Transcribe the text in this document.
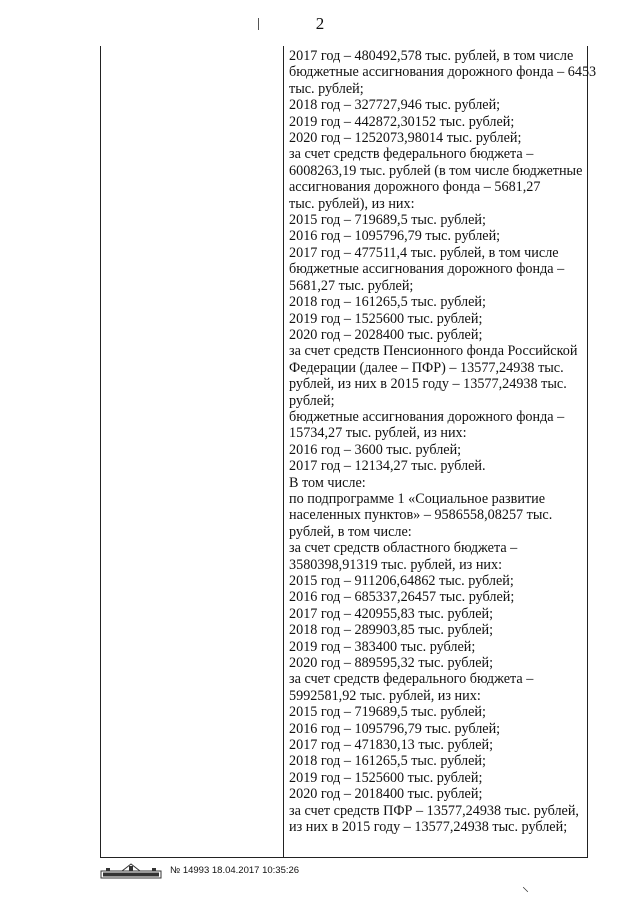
2
2017 год – 480492,578 тыс. рублей, в том числе
бюджетные ассигнования дорожного фонда – 6453
тыс. рублей;
2018 год – 327727,946 тыс. рублей;
2019 год – 442872,30152 тыс. рублей;
2020 год – 1252073,98014 тыс. рублей;
за счет средств федерального бюджета –
6008263,19 тыс. рублей (в том числе бюджетные
ассигнования дорожного фонда – 5681,27
тыс. рублей), из них:
2015 год – 719689,5 тыс. рублей;
2016 год – 1095796,79 тыс. рублей;
2017 год – 477511,4 тыс. рублей, в том числе
бюджетные ассигнования дорожного фонда –
5681,27 тыс. рублей;
2018 год – 161265,5 тыс. рублей;
2019 год – 1525600 тыс. рублей;
2020 год – 2028400 тыс. рублей;
за счет средств Пенсионного фонда Российской
Федерации (далее – ПФР) – 13577,24938 тыс.
рублей, из них в 2015 году – 13577,24938 тыс.
рублей;
бюджетные ассигнования дорожного фонда –
15734,27 тыс. рублей, из них:
2016 год – 3600 тыс. рублей;
2017 год – 12134,27 тыс. рублей.
В том числе:
по подпрограмме 1 «Социальное развитие
населенных пунктов» – 9586558,08257 тыс.
рублей, в том числе:
за счет средств областного бюджета –
3580398,91319 тыс. рублей, из них:
2015 год – 911206,64862 тыс. рублей;
2016 год – 685337,26457 тыс. рублей;
2017 год – 420955,83 тыс. рублей;
2018 год – 289903,85 тыс. рублей;
2019 год – 383400 тыс. рублей;
2020 год – 889595,32 тыс. рублей;
за счет средств федерального бюджета –
5992581,92 тыс. рублей, из них:
2015 год – 719689,5 тыс. рублей;
2016 год – 1095796,79 тыс. рублей;
2017 год – 471830,13 тыс. рублей;
2018 год – 161265,5 тыс. рублей;
2019 год – 1525600 тыс. рублей;
2020 год – 2018400 тыс. рублей;
за счет средств ПФР – 13577,24938 тыс. рублей,
из них в 2015 году – 13577,24938 тыс. рублей;
№ 14993 18.04.2017 10:35:26
⸜
